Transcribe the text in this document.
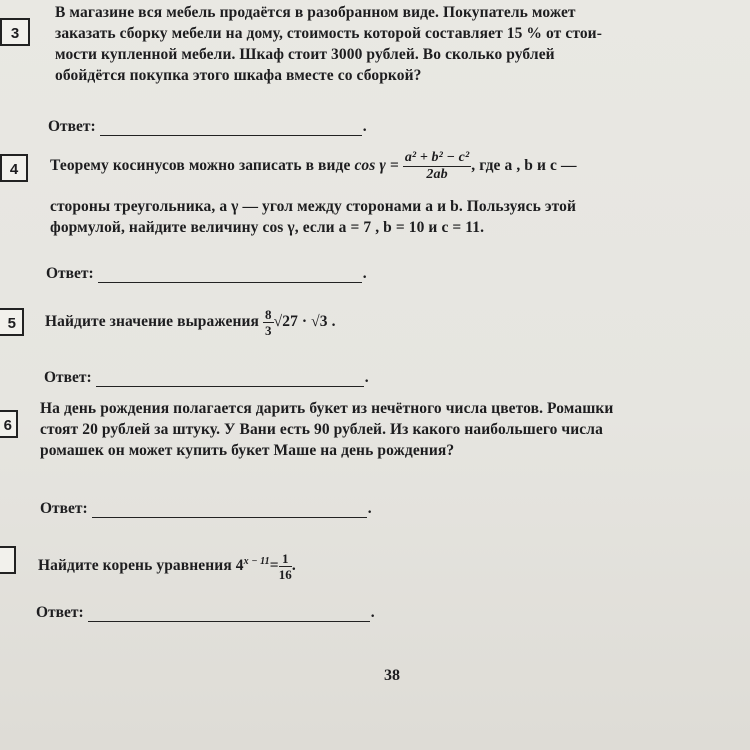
3
В магазине вся мебель продаётся в разобранном виде. Покупатель может
заказать сборку мебели на дому, стоимость которой составляет 15 % от стои-
мости купленной мебели. Шкаф стоит 3000 рублей. Во сколько рублей
обойдётся покупка этого шкафа вместе со сборкой?
Ответ:	.
4	Теорему косинусов можно записать в виде $\cos \gamma = \frac{\text{a² + b² − c²}}{2ab}$ , где a , b и c —
стороны треугольника, а γ — угол между сторонами a и b. Пользуясь этой
формулой, найдите величину cos γ, если a = 7 , b = 10 и c = 11.
Ответ:	.
5	Найдите значение выражения $\frac{8}{3} √27 \cdot √3$ .
Ответ:	.
6
На день рождения полагается дарить букет из нечётного числа цветов. Ромашки
стоят 20 рублей за штуку. У Вани есть 90 рублей. Из какого наибольшего числа
ромашек он может купить букет Маше на день рождения?
Ответ:	.
Найдите корень уравнения $4^{x - 11}= \frac{1}{16}$ .
Ответ:	.
38
